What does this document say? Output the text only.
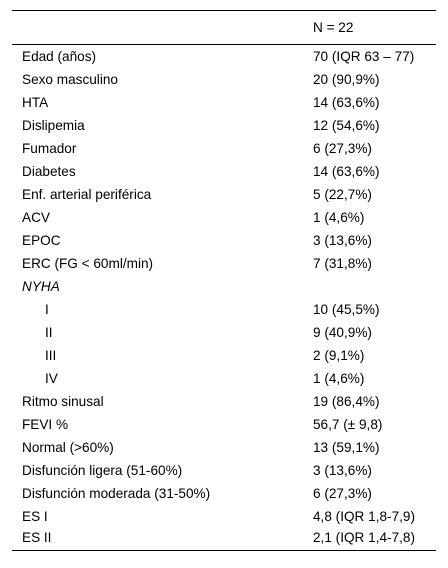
	N = 22
Edad (años)	70 (IQR 63 – 77)
Sexo masculino	20 (90,9%)
HTA	14 (63,6%)
Dislipemia	12 (54,6%)
Fumador	6 (27,3%)
Diabetes	14 (63,6%)
Enf. arterial periférica	5 (22,7%)
ACV	1 (4,6%)
EPOC	3 (13,6%)
ERC (FG < 60ml/min)	7 (31,8%)
NYHA	
I	10 (45,5%)
II	9 (40,9%)
III	2 (9,1%)
IV	1 (4,6%)
Ritmo sinusal	19 (86,4%)
FEVI %	56,7 (± 9,8)
Normal (>60%)	13 (59,1%)
Disfunción ligera (51-60%)	3 (13,6%)
Disfunción moderada (31-50%)	6 (27,3%)
ES I	4,8 (IQR 1,8-7,9)
ES II	2,1 (IQR 1,4-7,8)
